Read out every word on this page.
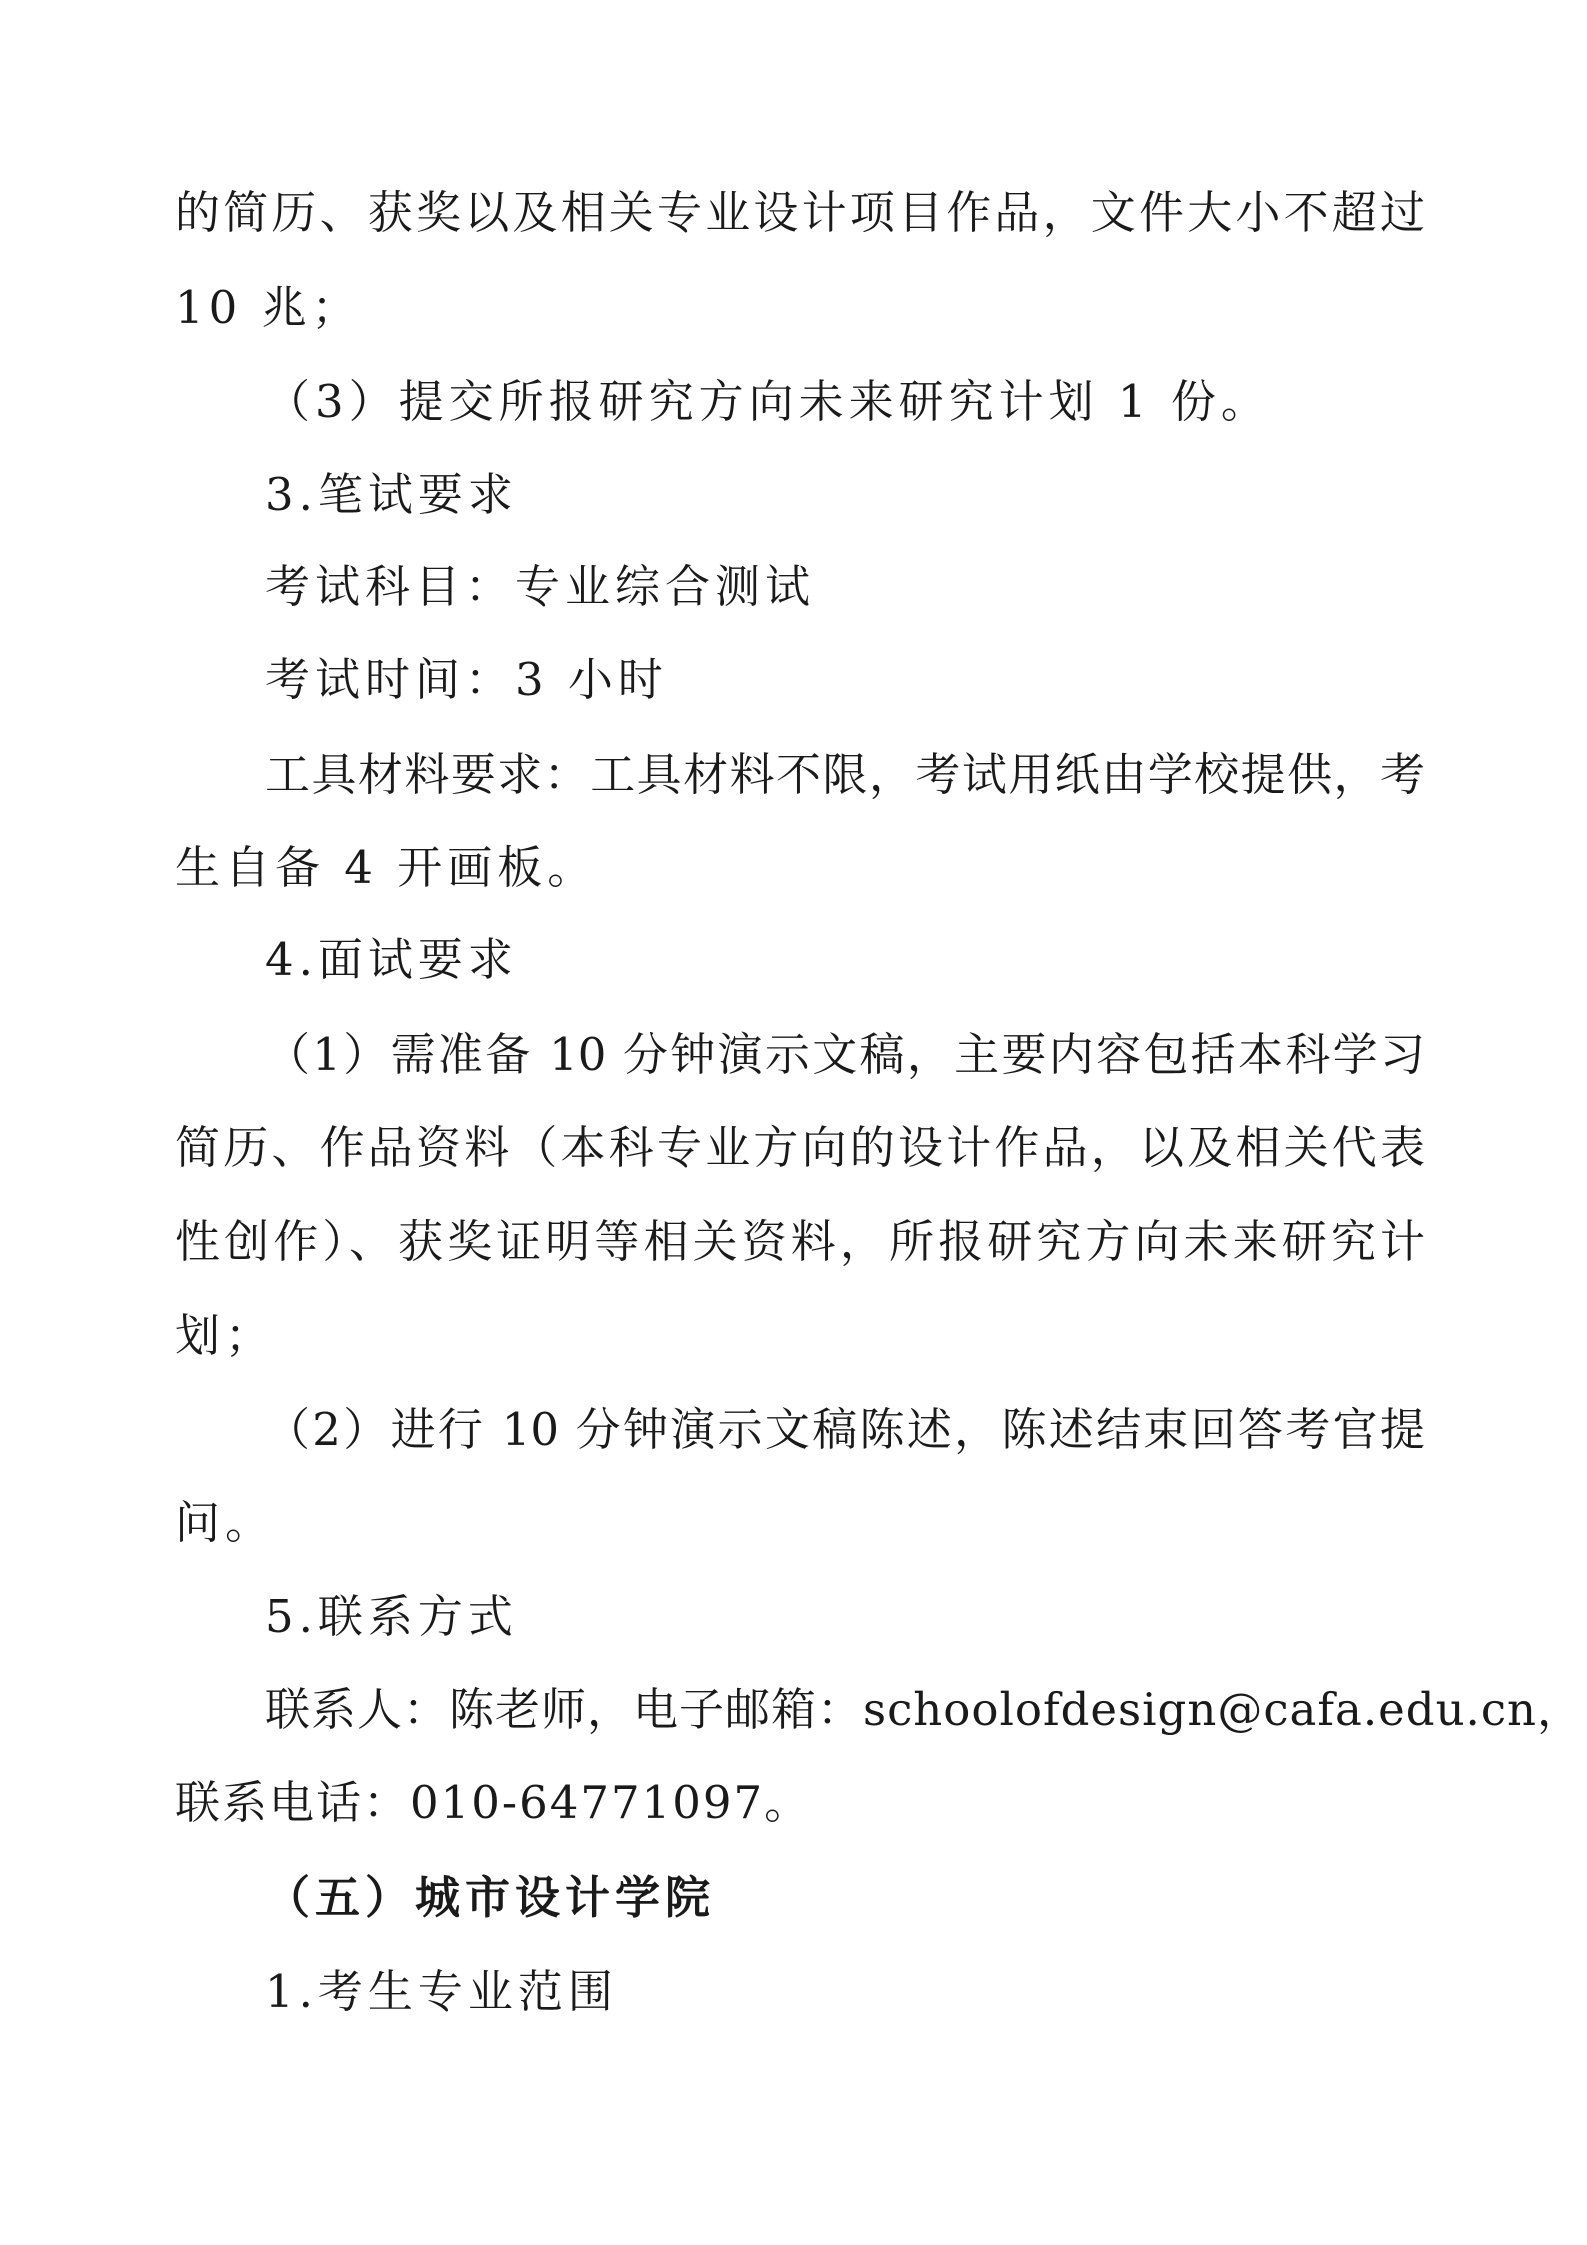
的简历、获奖以及相关专业设计项目作品，文件大小不超过
10 兆；
（3）提交所报研究方向未来研究计划 1 份。
3.笔试要求
考试科目：专业综合测试
考试时间：3 小时
工具材料要求：工具材料不限，考试用纸由学校提供，考
生自备 4 开画板。
4.面试要求
（1）需准备 10 分钟演示文稿，主要内容包括本科学习
简历、作品资料（本科专业方向的设计作品，以及相关代表
性创作）、获奖证明等相关资料，所报研究方向未来研究计
划；
（2）进行 10 分钟演示文稿陈述，陈述结束回答考官提
问。
5.联系方式
联系人：陈老师，电子邮箱：schoolofdesign@cafa.edu.cn，
联系电话：010-64771097。
（五）城市设计学院
1.考生专业范围
